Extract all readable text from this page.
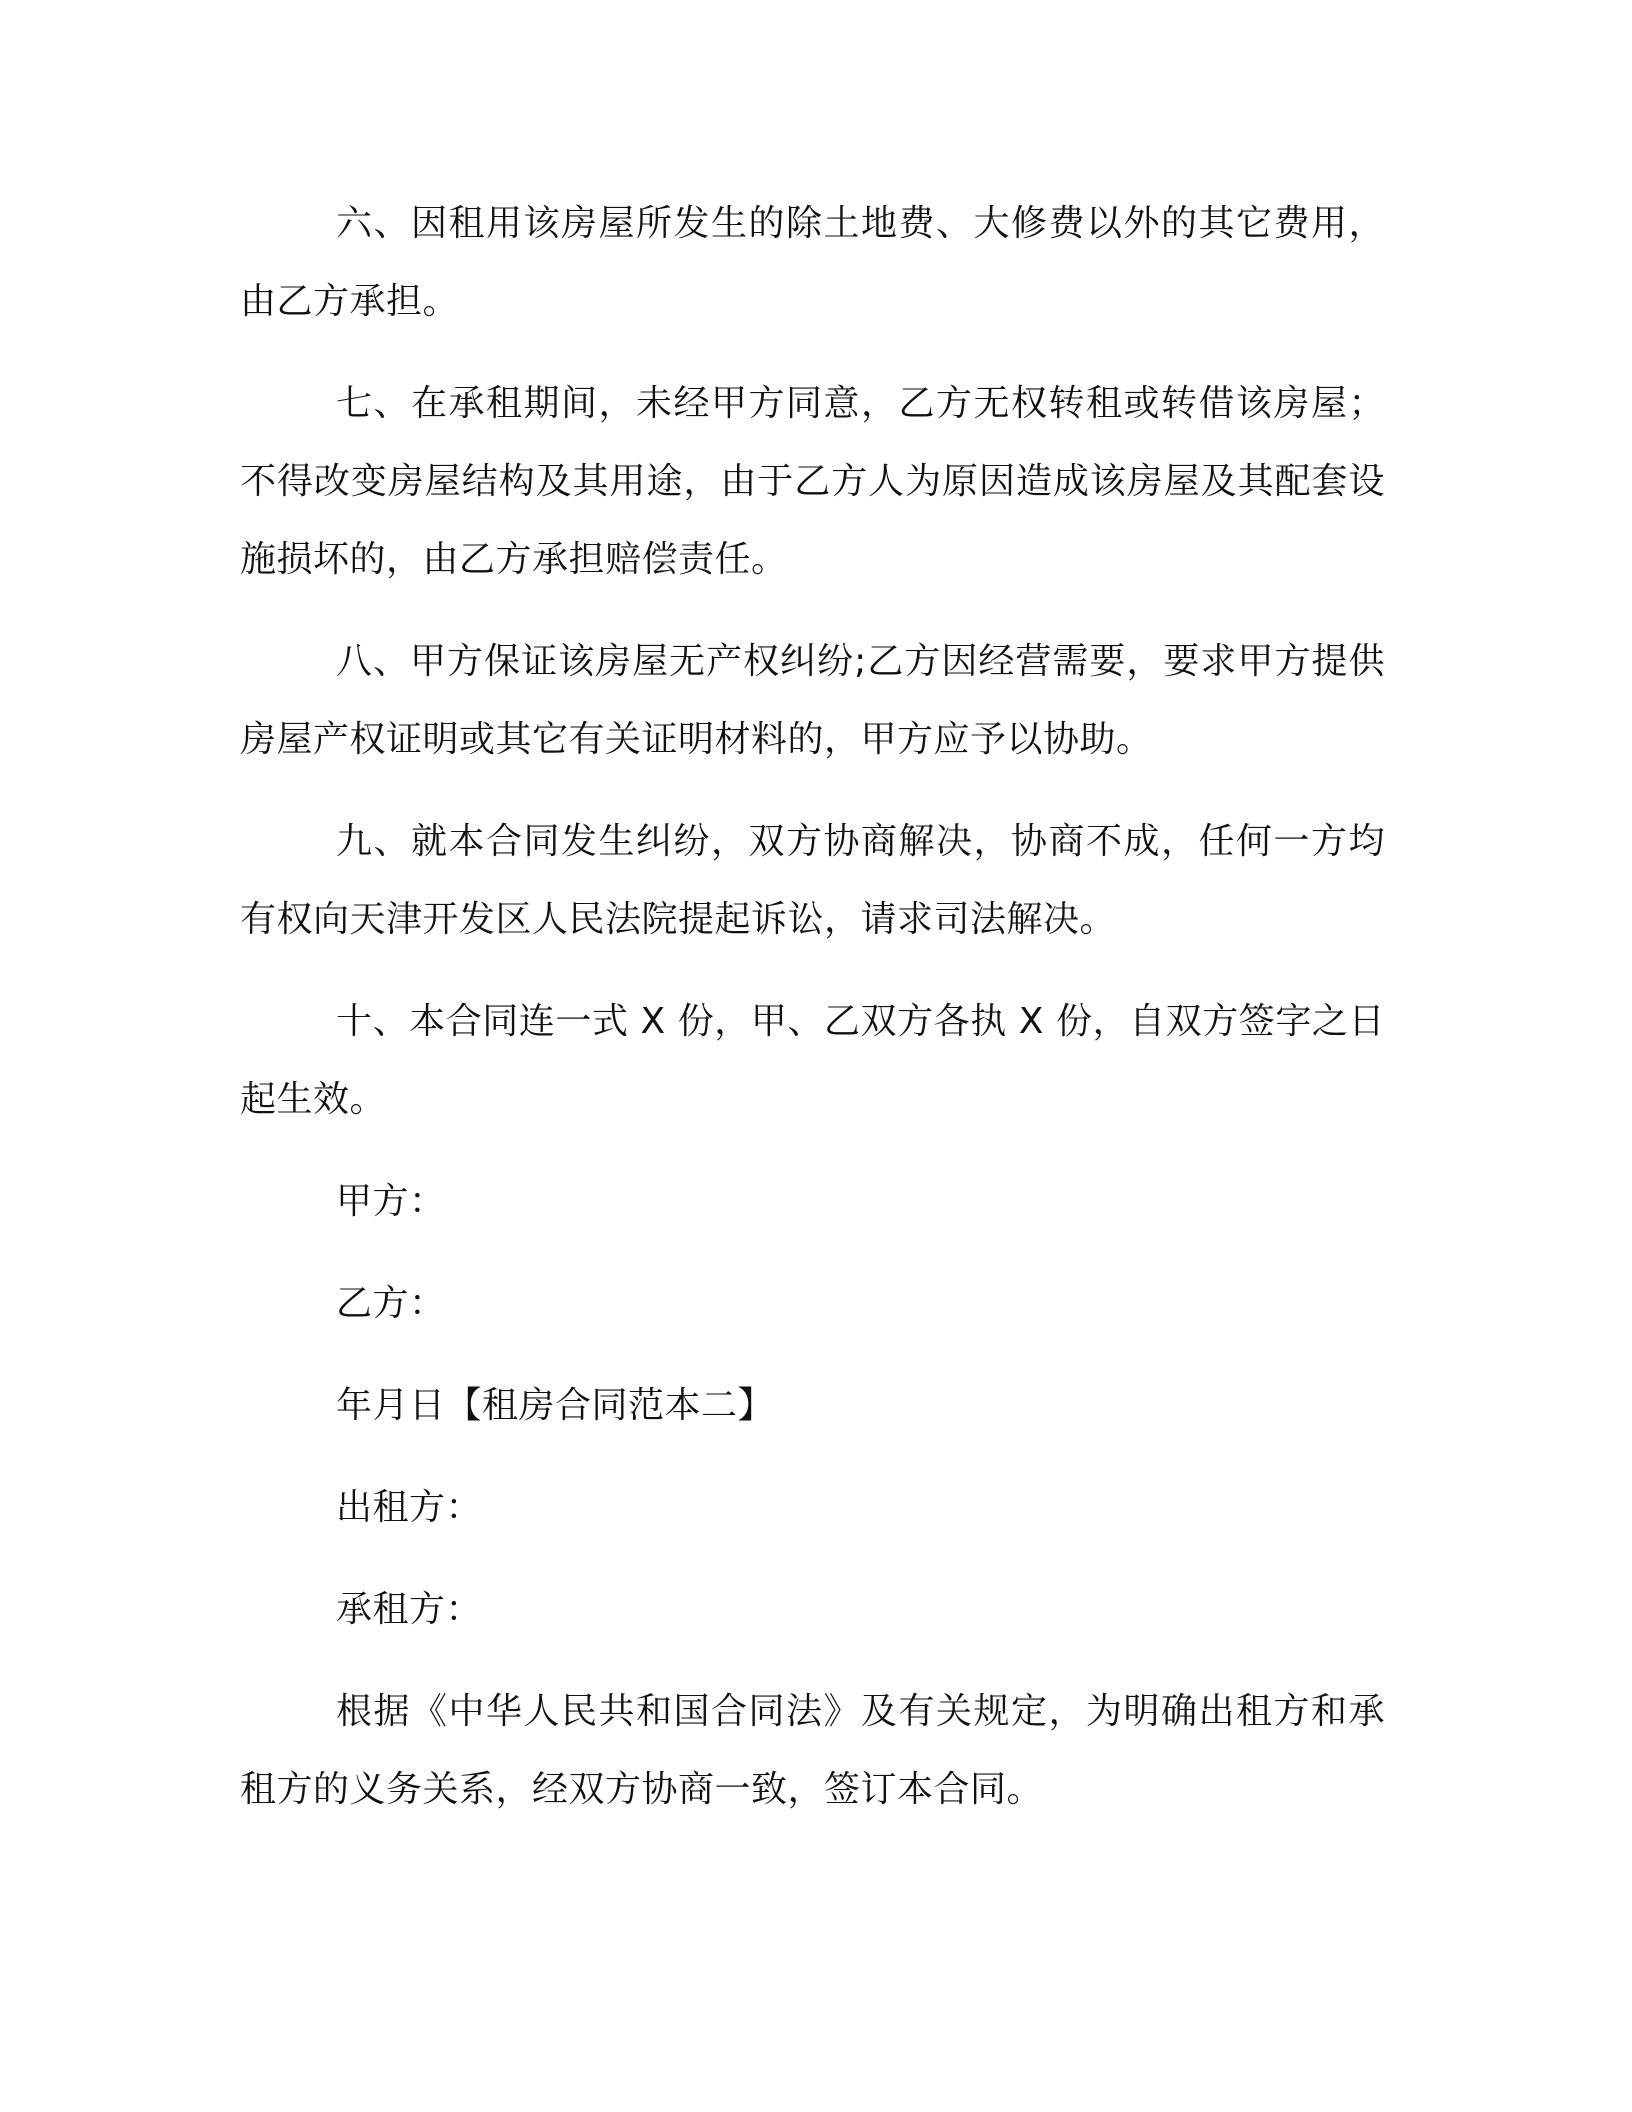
六、因租用该房屋所发生的除土地费、大修费以外的其它费用，由乙方承担。

七、在承租期间，未经甲方同意，乙方无权转租或转借该房屋；不得改变房屋结构及其用途，由于乙方人为原因造成该房屋及其配套设施损坏的，由乙方承担赔偿责任。

八、甲方保证该房屋无产权纠纷;乙方因经营需要，要求甲方提供房屋产权证明或其它有关证明材料的，甲方应予以协助。

九、就本合同发生纠纷，双方协商解决，协商不成，任何一方均有权向天津开发区人民法院提起诉讼，请求司法解决。

十、本合同连一式 X 份，甲、乙双方各执 X 份，自双方签字之日起生效。

甲方：

乙方：

年月日【租房合同范本二】

出租方：

承租方：

根据《中华人民共和国合同法》及有关规定，为明确出租方和承租方的义务关系，经双方协商一致，签订本合同。
